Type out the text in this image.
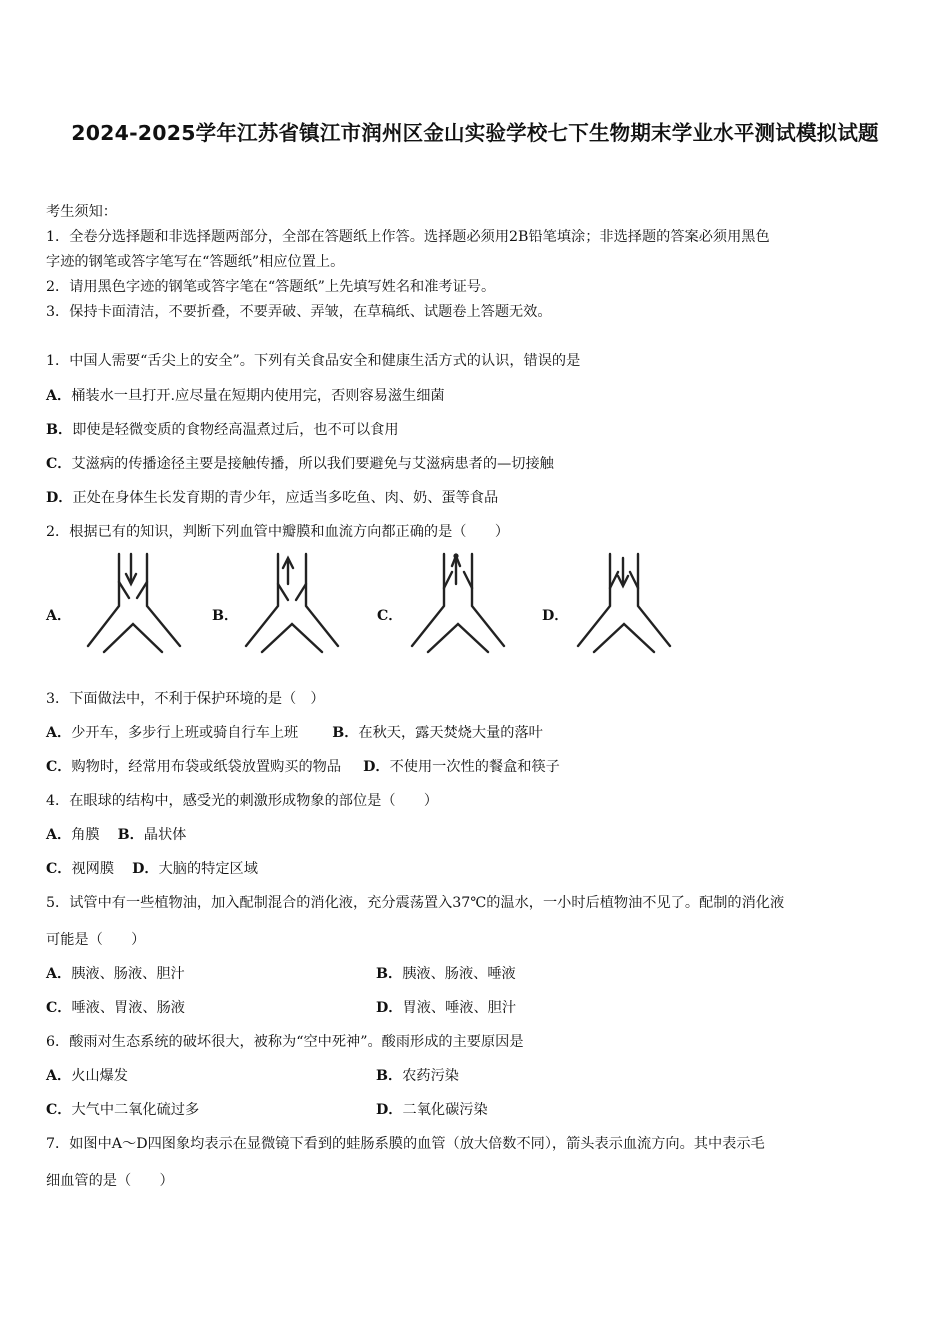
2024-2025学年江苏省镇江市润州区金山实验学校七下生物期末学业水平测试模拟试题
考生须知：
1．全卷分选择题和非选择题两部分，全部在答题纸上作答。选择题必须用2B铅笔填涂；非选择题的答案必须用黑色
字迹的钢笔或答字笔写在“答题纸”相应位置上。
2．请用黑色字迹的钢笔或答字笔在“答题纸”上先填写姓名和准考证号。
3．保持卡面清洁，不要折叠，不要弄破、弄皱，在草稿纸、试题卷上答题无效。
1．中国人需要“舌尖上的安全”。下列有关食品安全和健康生活方式的认识，错误的是
A．桶装水一旦打开.应尽量在短期内使用完，否则容易滋生细菌
B．即使是轻微变质的食物经高温煮过后，也不可以食用
C．艾滋病的传播途径主要是接触传播，所以我们要避免与艾滋病患者的—切接触
D．正处在身体生长发育期的青少年，应适当多吃鱼、肉、奶、蛋等食品
2．根据已有的知识，判断下列血管中瓣膜和血流方向都正确的是（　　）
A．	B．	C．	D．
3．下面做法中，不利于保护环境的是（　）
A．少开车，多步行上班或骑自行车上班 B．在秋天，露天焚烧大量的落叶
C．购物时，经常用布袋或纸袋放置购买的物品 D．不使用一次性的餐盒和筷子
4．在眼球的结构中，感受光的刺激形成物象的部位是（　　）
A．角膜 B．晶状体
C．视网膜 D．大脑的特定区域
5．试管中有一些植物油，加入配制混合的消化液，充分震荡置入37℃的温水，一小时后植物油不见了。配制的消化液
可能是（　　）
A．胰液、肠液、胆汁	B．胰液、肠液、唾液
C．唾液、胃液、肠液	D．胃液、唾液、胆汁
6．酸雨对生态系统的破坏很大，被称为“空中死神”。酸雨形成的主要原因是
A．火山爆发	B．农药污染
C．大气中二氧化硫过多	D．二氧化碳污染
7．如图中A～D四图象均表示在显微镜下看到的蛙肠系膜的血管（放大倍数不同），箭头表示血流方向。其中表示毛
细血管的是（　　）
